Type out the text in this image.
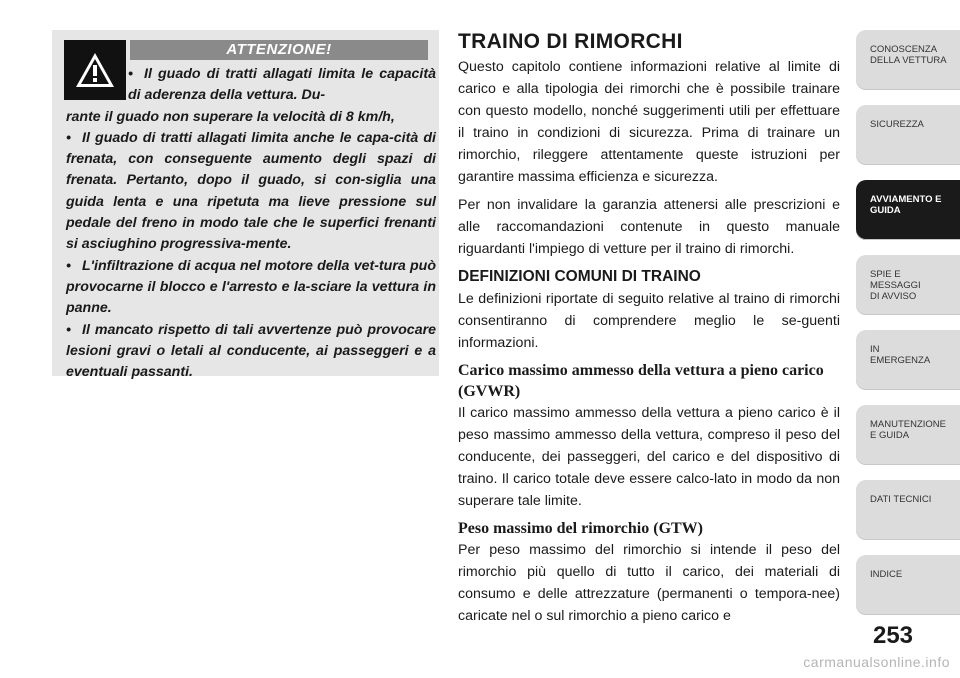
ATTENZIONE!
• Il guado di tratti allagati limita le capacità di aderenza della vettura. Du-
rante il guado non superare la velocità di 8 km/h,
• Il guado di tratti allagati limita anche le capa-cità di frenata, con conseguente aumento degli spazi di frenata. Pertanto, dopo il guado, si con-siglia una guida lenta e una ripetuta ma lieve pressione sul pedale del freno in modo tale che le superfici frenanti si asciughino progressiva-mente.
• L'infiltrazione di acqua nel motore della vet-tura può provocarne il blocco e l'arresto e la-sciare la vettura in panne.
• Il mancato rispetto di tali avvertenze può provocare lesioni gravi o letali al conducente, ai passeggeri e a eventuali passanti.
TRAINO DI RIMORCHI

Questo capitolo contiene informazioni relative al limite di carico e alla tipologia dei rimorchi che è possibile trainare con questo modello, nonché suggerimenti utili per effettuare il traino in condizioni di sicurezza. Prima di trainare un rimorchio, rileggere attentamente queste istruzioni per garantire massima efficienza e sicurezza.

Per non invalidare la garanzia attenersi alle prescrizioni e alle raccomandazioni contenute in questo manuale riguardanti l'impiego di vetture per il traino di rimorchi.

DEFINIZIONI COMUNI DI TRAINO

Le definizioni riportate di seguito relative al traino di rimorchi consentiranno di comprendere meglio le se-guenti informazioni.

Carico massimo ammesso della vettura a pieno carico (GVWR)

Il carico massimo ammesso della vettura a pieno carico è il peso massimo ammesso della vettura, compreso il peso del conducente, dei passeggeri, del carico e del dispositivo di traino. Il carico totale deve essere calco-lato in modo da non superare tale limite.

Peso massimo del rimorchio (GTW)

Per peso massimo del rimorchio si intende il peso del rimorchio più quello di tutto il carico, dei materiali di consumo e delle attrezzature (permanenti o tempora-nee) caricate nel o sul rimorchio a pieno carico e

CONOSCENZA
DELLA VETTURA
SICUREZZA
AVVIAMENTO E
GUIDA
SPIE E
MESSAGGI
DI AVVISO
IN
EMERGENZA
MANUTENZIONE
E GUIDA
DATI TECNICI
INDICE
253
carmanualsonline.info
